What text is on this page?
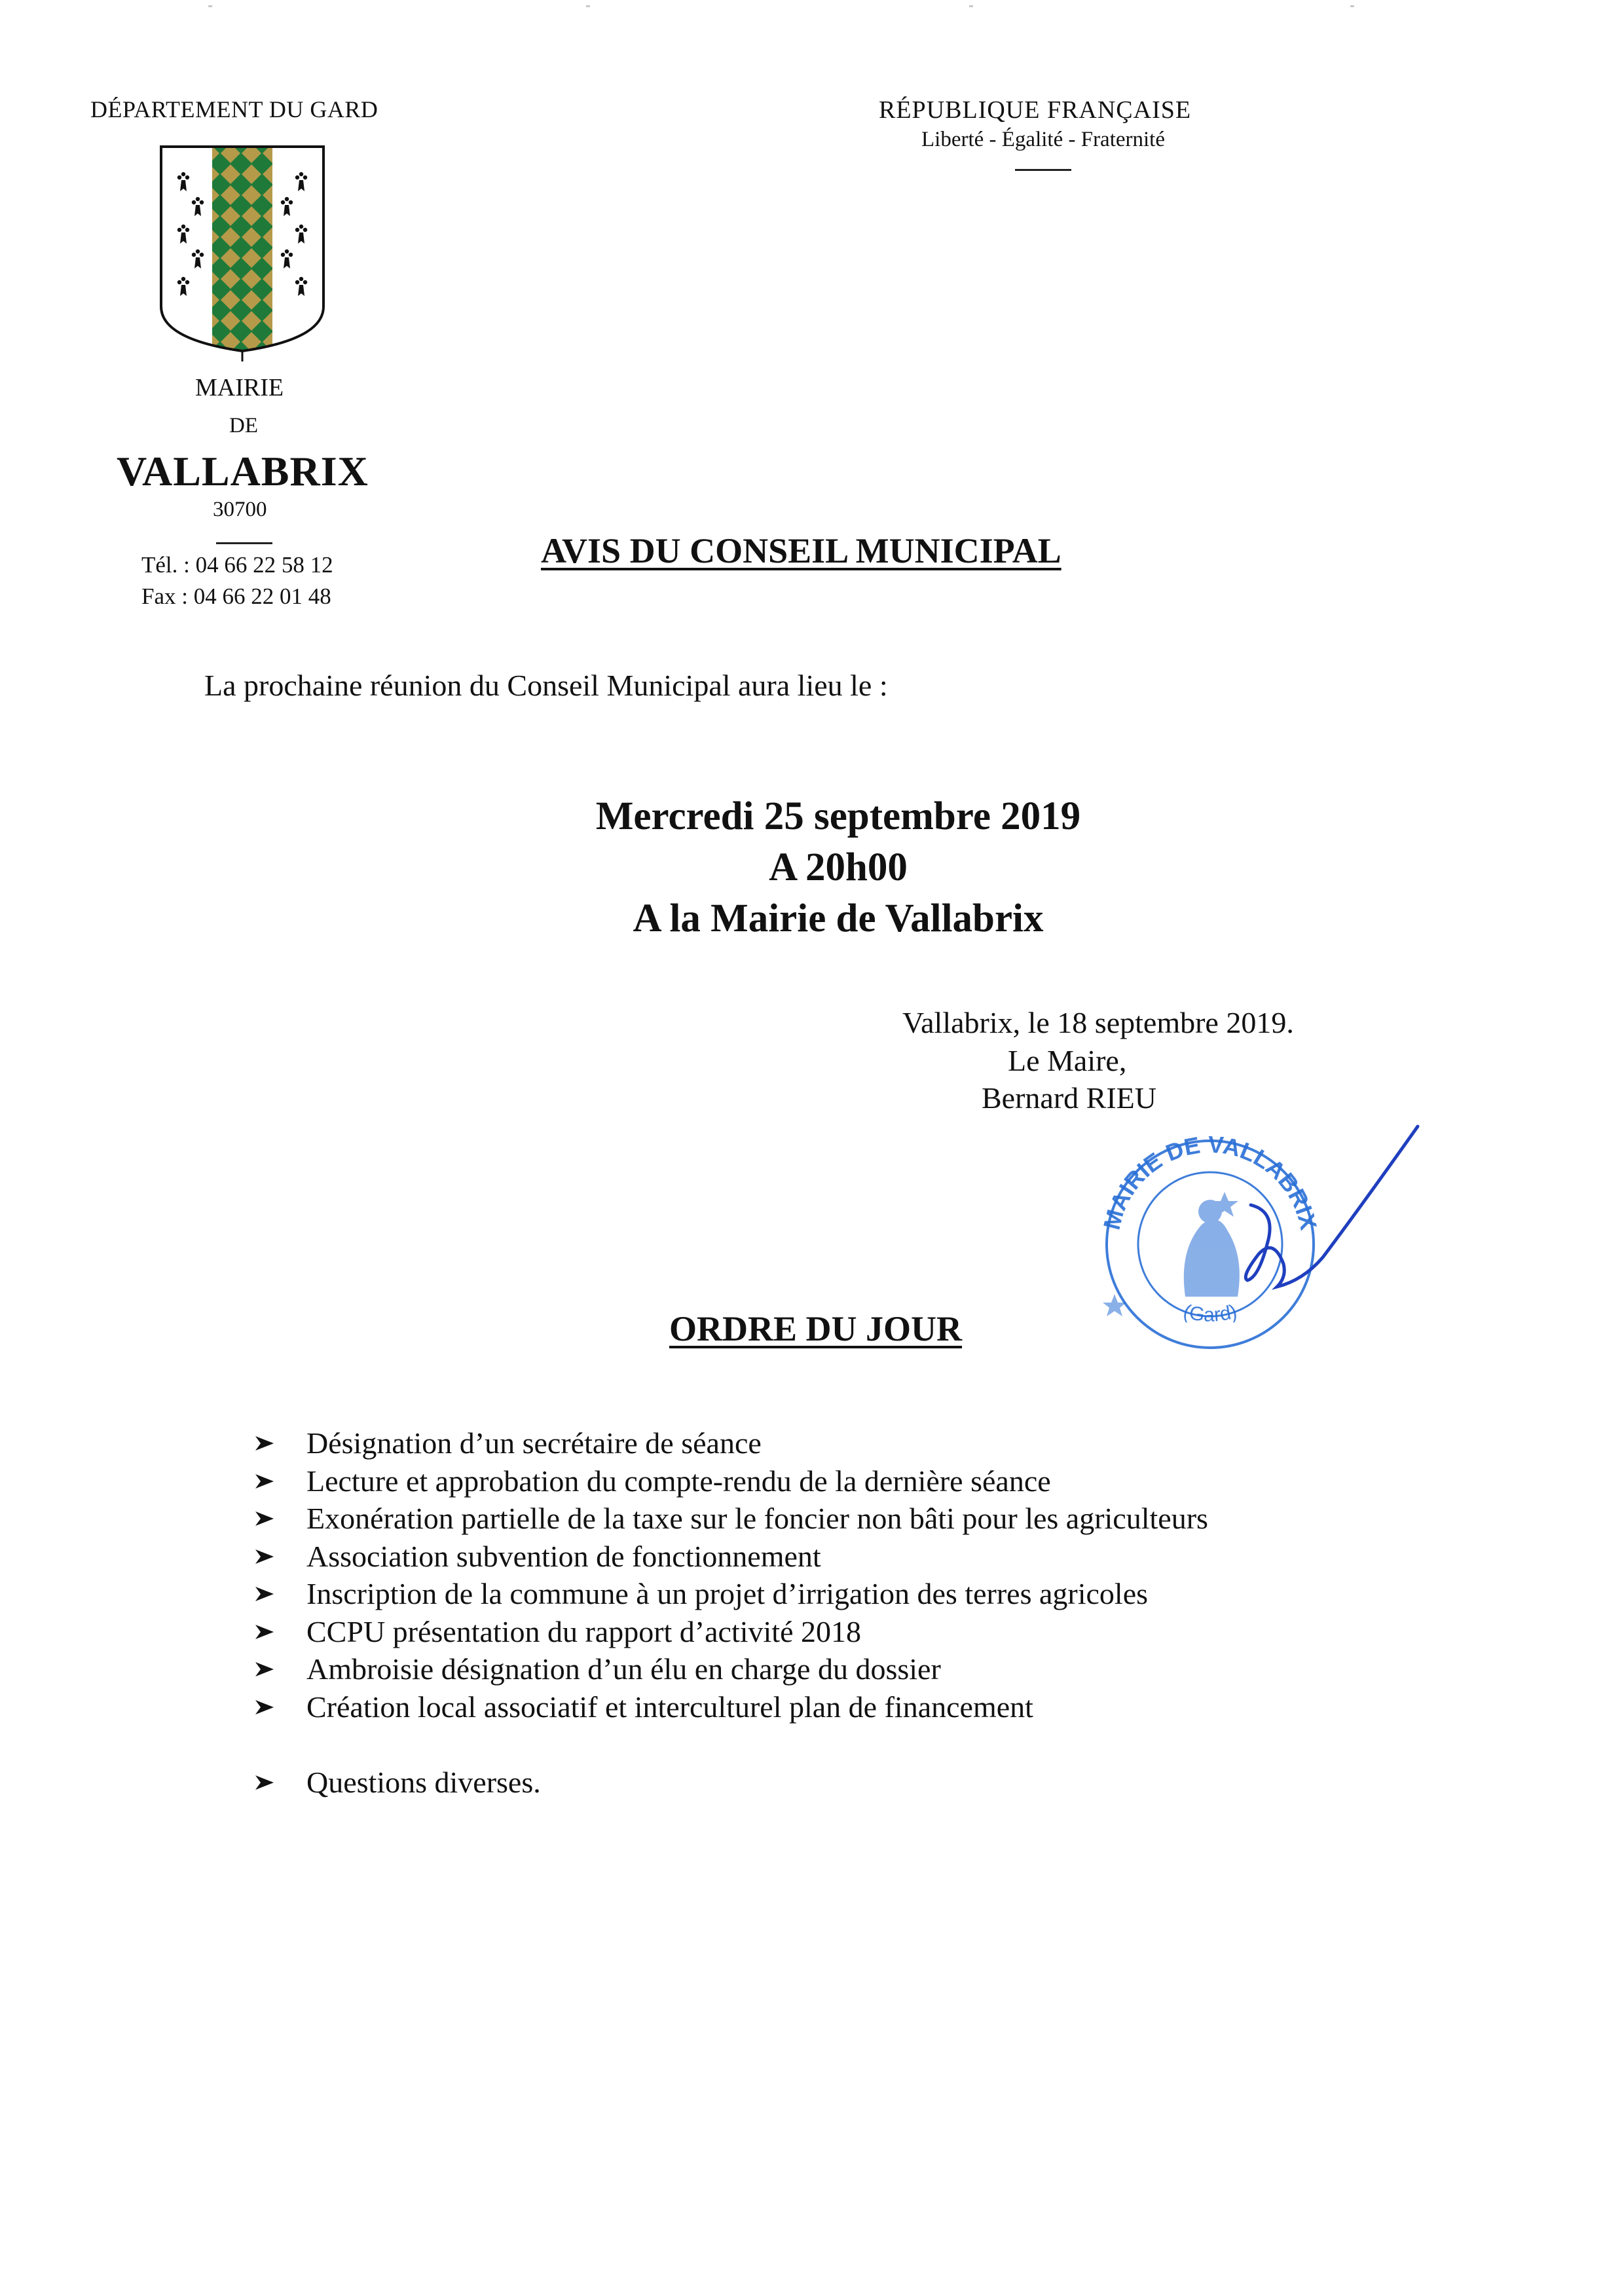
DÉPARTEMENT DU GARD	RÉPUBLIQUE FRANÇAISE
Liberté - Égalité - Fraternité
MAIRIE
DE
VALLABRIX
30700
Tél. : 04 66 22 58 12
Fax : 04 66 22 01 48
AVIS DU CONSEIL MUNICIPAL
La prochaine réunion du Conseil Municipal aura lieu le :
Mercredi 25 septembre 2019
A 20h00
A la Mairie de Vallabrix
Vallabrix, le 18 septembre 2019.
Le Maire,
Bernard RIEU
MAIRIE DE VALLABRIX
(Gard)
ORDRE DU JOUR
Désignation d’un secrétaire de séance
Lecture et approbation du compte-rendu de la dernière séance
Exonération partielle de la taxe sur le foncier non bâti pour les agriculteurs
Association subvention de fonctionnement
Inscription de la commune à un projet d’irrigation des terres agricoles
CCPU présentation du rapport d’activité 2018
Ambroisie désignation d’un élu en charge du dossier
Création local associatif et interculturel plan de financement
Questions diverses.
